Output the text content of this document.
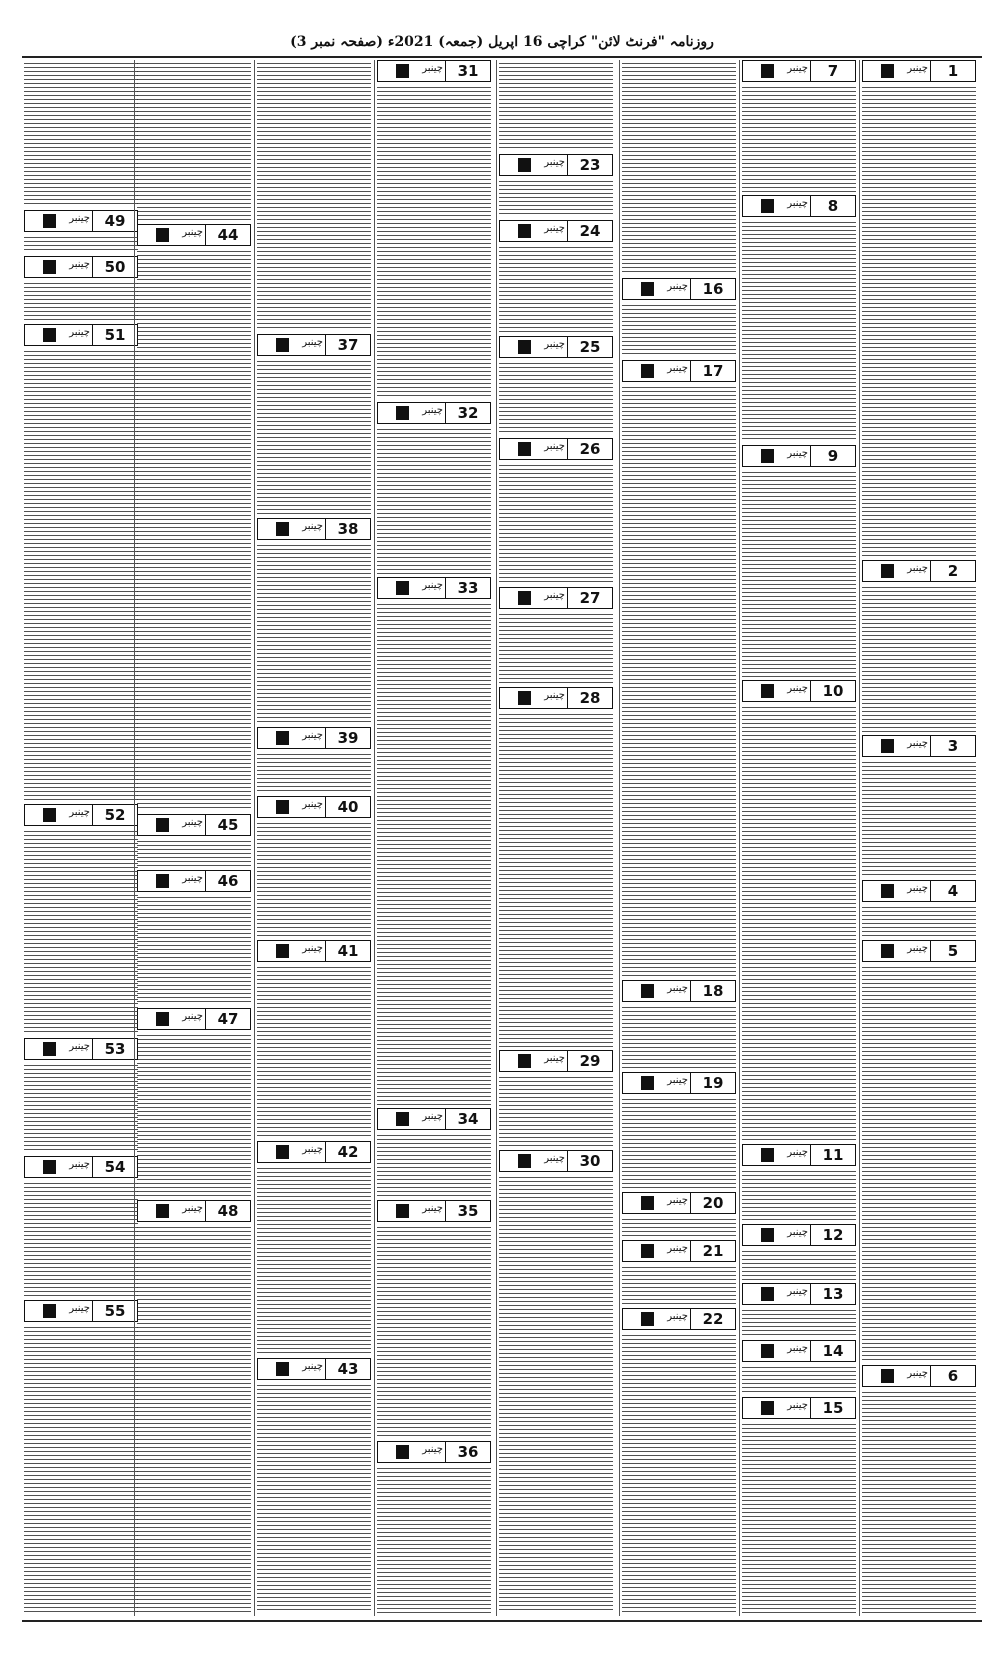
روزنامہ "فرنٹ لائن" کراچی 16 اپریل (جمعہ) 2021ء (صفحہ نمبر 3)
1
چینبر
2
چینبر
3
چینبر
4
چینبر
5
چینبر
6
چینبر
7
چینبر
8
چینبر
9
چینبر
10
چینبر
11
چینبر
12
چینبر
13
چینبر
14
چینبر
15
چینبر
16
چینبر
17
چینبر
18
چینبر
19
چینبر
20
چینبر
21
چینبر
22
چینبر
23
چینبر
24
چینبر
25
چینبر
26
چینبر
27
چینبر
28
چینبر
29
چینبر
30
چینبر
31
چینبر
32
چینبر
33
چینبر
34
چینبر
35
چینبر
36
چینبر
37
چینبر
38
چینبر
39
چینبر
40
چینبر
41
چینبر
42
چینبر
43
چینبر
44
چینبر
45
چینبر
46
چینبر
47
چینبر
48
چینبر
49
چینبر
50
چینبر
51
چینبر
52
چینبر
53
چینبر
54
چینبر
55
چینبر
